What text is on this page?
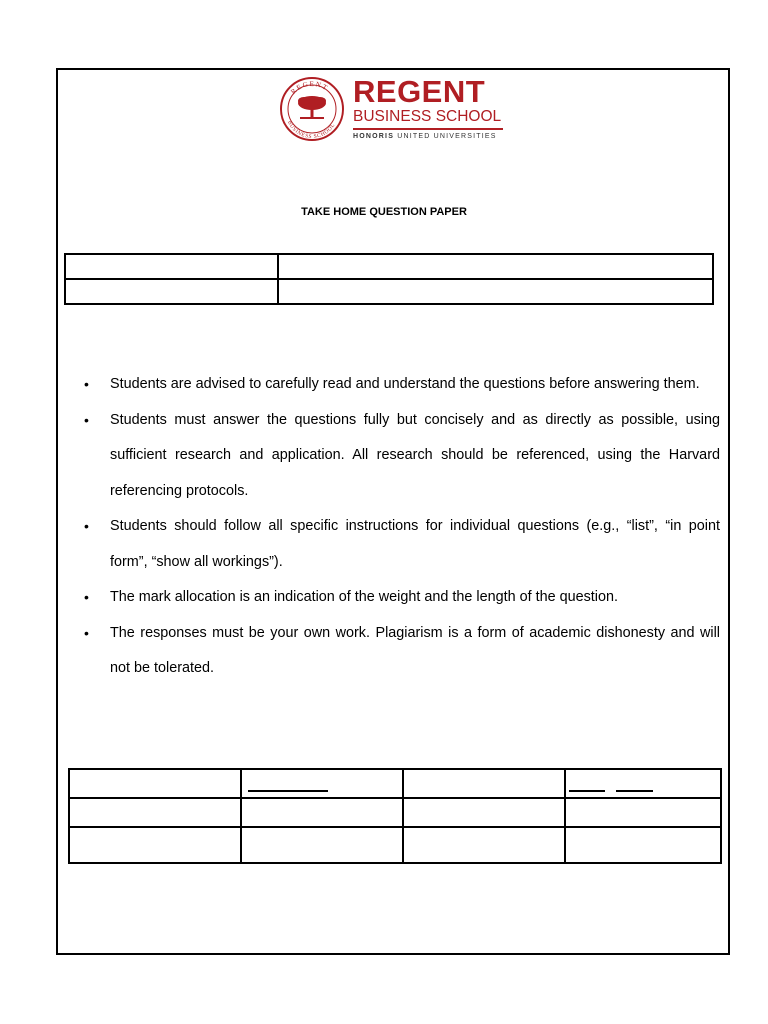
REGENT
BUSINESS SCHOOL
REGENT
BUSINESS SCHOOL
HONORIS UNITED UNIVERSITIES
TAKE HOME QUESTION PAPER

• Students are advised to carefully read and understand the questions before answering them.
• Students must answer the questions fully but concisely and as directly as possible, using sufficient research and application. All research should be referenced, using the Harvard referencing protocols.
• Students should follow all specific instructions for individual questions (e.g., “list”, “in point form”, “show all workings”).
• The mark allocation is an indication of the weight and the length of the question.
• The responses must be your own work. Plagiarism is a form of academic dishonesty and will not be tolerated.
